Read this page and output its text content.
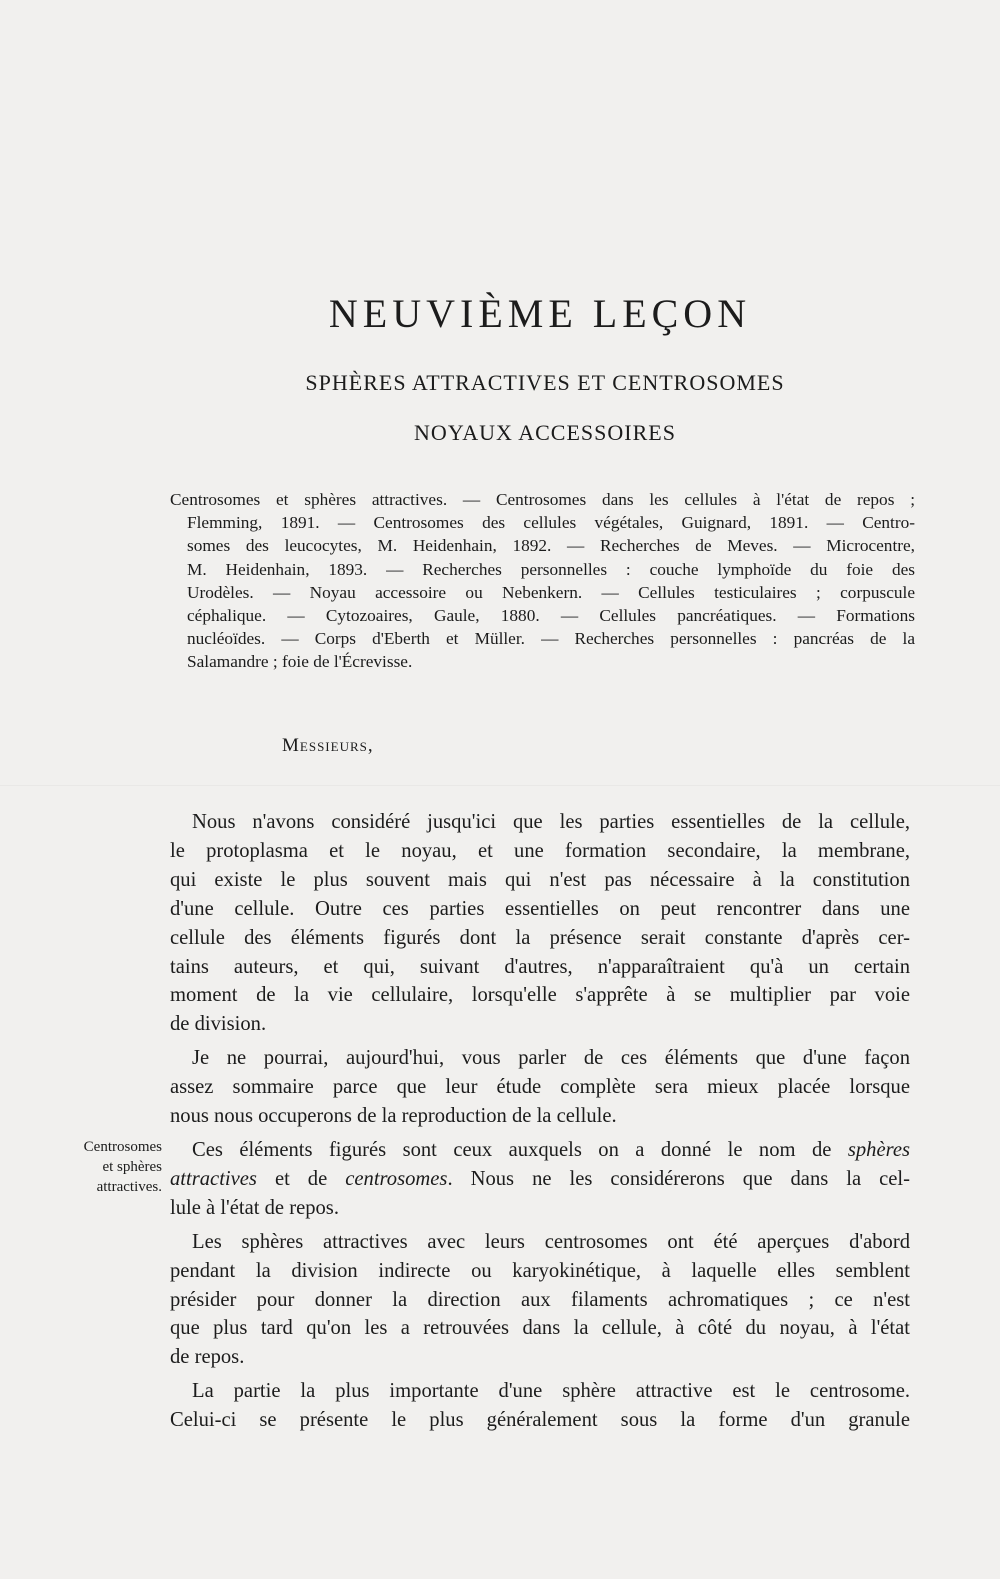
NEUVIÈME LEÇON
SPHÈRES ATTRACTIVES ET CENTROSOMES
NOYAUX ACCESSOIRES
Centrosomes et sphères attractives. — Centrosomes dans les cellules à l'état de repos ;
Flemming, 1891. — Centrosomes des cellules végétales, Guignard, 1891. — Centro-
somes des leucocytes, M. Heidenhain, 1892. — Recherches de Meves. — Microcentre,
M. Heidenhain, 1893. — Recherches personnelles : couche lymphoïde du foie des
Urodèles. — Noyau accessoire ou Nebenkern. — Cellules testiculaires ; corpuscule
céphalique. — Cytozoaires, Gaule, 1880. — Cellules pancréatiques. — Formations
nucléoïdes. — Corps d'Eberth et Müller. — Recherches personnelles : pancréas de la
Salamandre ; foie de l'Écrevisse.

Messieurs,

Nous n'avons considéré jusqu'ici que les parties essentielles de la cellule,
le protoplasma et le noyau, et une formation secondaire, la membrane,
qui existe le plus souvent mais qui n'est pas nécessaire à la constitution
d'une cellule. Outre ces parties essentielles on peut rencontrer dans une
cellule des éléments figurés dont la présence serait constante d'après cer-
tains auteurs, et qui, suivant d'autres, n'apparaîtraient qu'à un certain
moment de la vie cellulaire, lorsqu'elle s'apprête à se multiplier par voie
de division.
Je ne pourrai, aujourd'hui, vous parler de ces éléments que d'une façon
assez sommaire parce que leur étude complète sera mieux placée lorsque
nous nous occuperons de la reproduction de la cellule.
Ces éléments figurés sont ceux auxquels on a donné le nom de sphères
attractives et de centrosomes. Nous ne les considérerons que dans la cel-
lule à l'état de repos.
Les sphères attractives avec leurs centrosomes ont été aperçues d'abord
pendant la division indirecte ou karyokinétique, à laquelle elles semblent
présider pour donner la direction aux filaments achromatiques ; ce n'est
que plus tard qu'on les a retrouvées dans la cellule, à côté du noyau, à l'état
de repos.
La partie la plus importante d'une sphère attractive est le centrosome.
Celui-ci se présente le plus généralement sous la forme d'un granule
Centrosomes
et sphères
attractives.
